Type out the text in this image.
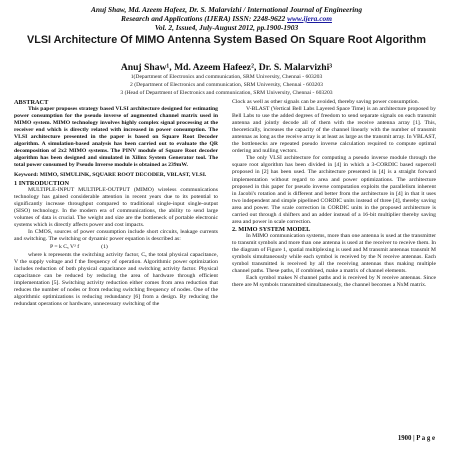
Anuj Shaw, Md. Azeem Hafeez, Dr. S. Malarvizhi / International Journal of Engineering
Research and Applications (IJERA) ISSN: 2248-9622 www.ijera.com
Vol. 2, Issue4, July-August 2012, pp.1900-1903
VLSI Architecture Of MIMO Antenna System Based On Square Root Algorithm
Anuj Shaw¹, Md. Azeem Hafeez², Dr. S. Malarvizhi³
1(Department of Electronics and communication, SRM University, Chennai - 603203
2 (Department of Electronics and communication, SRM University, Chennai - 603203
3 (Head of Department of Electronics and communication, SRM University, Chennai - 603203

ABSTRACT

This paper proposes strategy based VLSI architecture designed for estimating power consumption for the pseudo inverse of augmented channel matrix used in MIMO system. MIMO technology involves highly complex signal processing at the receiver end which is directly related with increased in power consumption. The VLSI architecture presented in the paper is based on Square Root Decoder algorithm. A simulation-based analysis has been carried out to evaluate the QR decomposition of 2x2 MIMO systems. The PINV module of Square Root decoder algorithm has been designed and simulated in Xilinx System Generator tool. The total power consumed by Pseudo Inverse module is obtained as 239mW.

Keyword: MIMO, SIMULINK, SQUARE ROOT DECODER, VBLAST, VLSI.

1 INTRODUCTION

MULTIPLE-INPUT MULTIPLE-OUTPUT (MIMO) wireless communications technology has gained considerable attention in recent years due to its potential to significantly increase throughput compared to traditional single-input single-output (SISO) technology. In the modern era of communications, the ability to send large volumes of data is crucial. The weight and size are the bottleneck of portable electronic systems which is directly affects power and cost impacts.

In CMOS, sources of power consumption include short circuits, leakage currents and switching. The switching or dynamic power equation is described as:

P = k Cₓ V² f	(1)

where k represents the switching activity factor, Cₓ the total physical capacitance, V the supply voltage and f the frequency of operation. Algorithmic power optimization includes reduction of both physical capacitance and switching activity factor. Physical capacitance can be reduced by reducing the area of hardware through efficient implementation [5]. Switching activity reduction either comes from area reduction that reduces the number of nodes or from reducing switching frequency of nodes. One of the algorithmic optimizations is reducing redundancy [6] from a design. By reducing the redundant operations or hardware, unnecessary switching of the

Clock as well as other signals can be avoided, thereby saving power consumption.

V-BLAST (Vertical Bell Labs Layered Space Time) is an architecture proposed by Bell Labs to use the added degrees of freedom to send separate signals on each transmit antenna and jointly decode all of them with the receive antenna array [1]. This, theoretically, increases the capacity of the channel linearly with the number of transmit antennas as long as the receive array is at least as large as the transmit array. In VBLAST, the bottlenecks are repeated pseudo inverse calculation required to compute optimal ordering and nulling vectors.

The only VLSI architecture for computing a pseudo inverse module through the square root algorithm has been divided in [4] in which a 3-CORDIC based supercell proposed in [2] has been used. The architecture presented in [4] is a straight forward implementation without regard to area and power optimizations. The architecture proposed in this paper for pseudo inverse computation exploits the parallelism inherent in Jacobi's rotation and is different and better from the architecture in [4] in that it uses two independent and simple pipelined CORDIC units instead of three [4], thereby saving area and power. The scale correction in CORDIC units in the proposed architecture is carried out through 4 shifters and an adder instead of a 16-bit multiplier thereby saving area and power in scale correction.

2. MIMO SYSTEM MODEL

In MIMO communication systems, more than one antenna is used at the transmitter to transmit symbols and more than one antenna is used at the receiver to receive them. In the diagram of Figure 1, spatial multiplexing is used and M transmit antennas transmit M symbols simultaneously while each symbol is received by the N receive antennas. Each symbol transmitted is received by all the receiving antennas thus making multiple channel paths. These paths, if combined, make a matrix of channel elements.

Each symbol makes N channel paths and is received by N receive antennas. Since there are M symbols transmitted simultaneously, the channel becomes a NxM matrix.

1900 | P a g e
